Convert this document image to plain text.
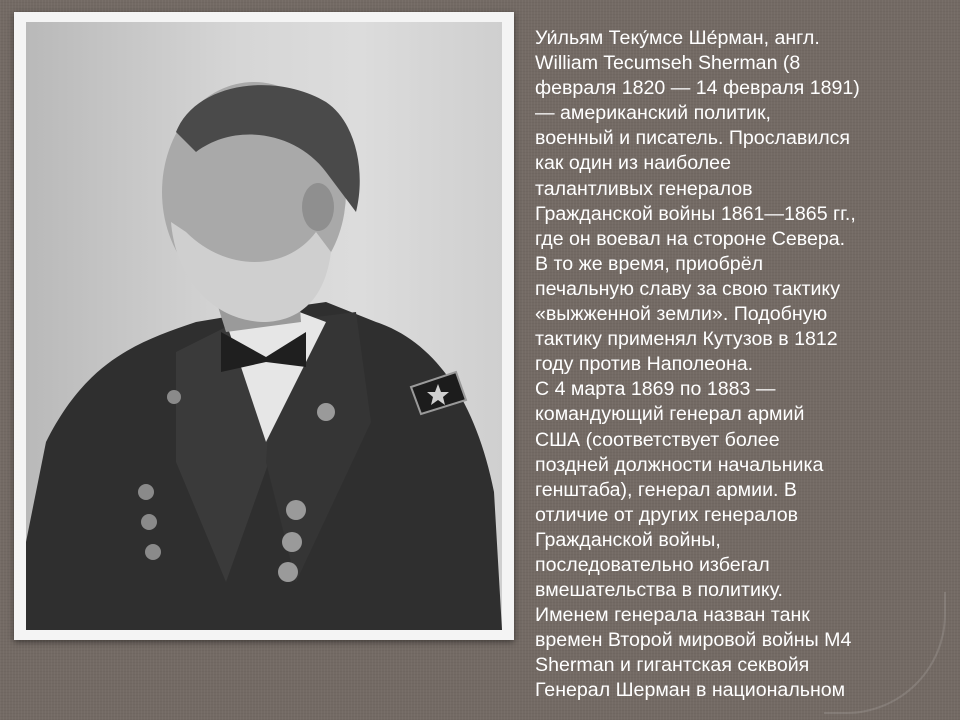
Уи́льям Теку́мсе Ше́рман, англ.
William Tecumseh Sherman (8
февраля 1820 — 14 февраля 1891)
— американский политик,
военный и писатель. Прославился
как один из наиболее
талантливых генералов
Гражданской войны 1861—1865 гг.,
где он воевал на стороне Севера.
В то же время, приобрёл
печальную славу за свою тактику
«выжженной земли». Подобную
тактику применял Кутузов в 1812
году против Наполеона.
С 4 марта 1869 по 1883 —
командующий генерал армий
США (соответствует более
поздней должности начальника
генштаба), генерал армии. В
отличие от других генералов
Гражданской войны,
последовательно избегал
вмешательства в политику.
Именем генерала назван танк
времен Второй мировой войны M4
Sherman и гигантская секвойя
Генерал Шерман в национальном
